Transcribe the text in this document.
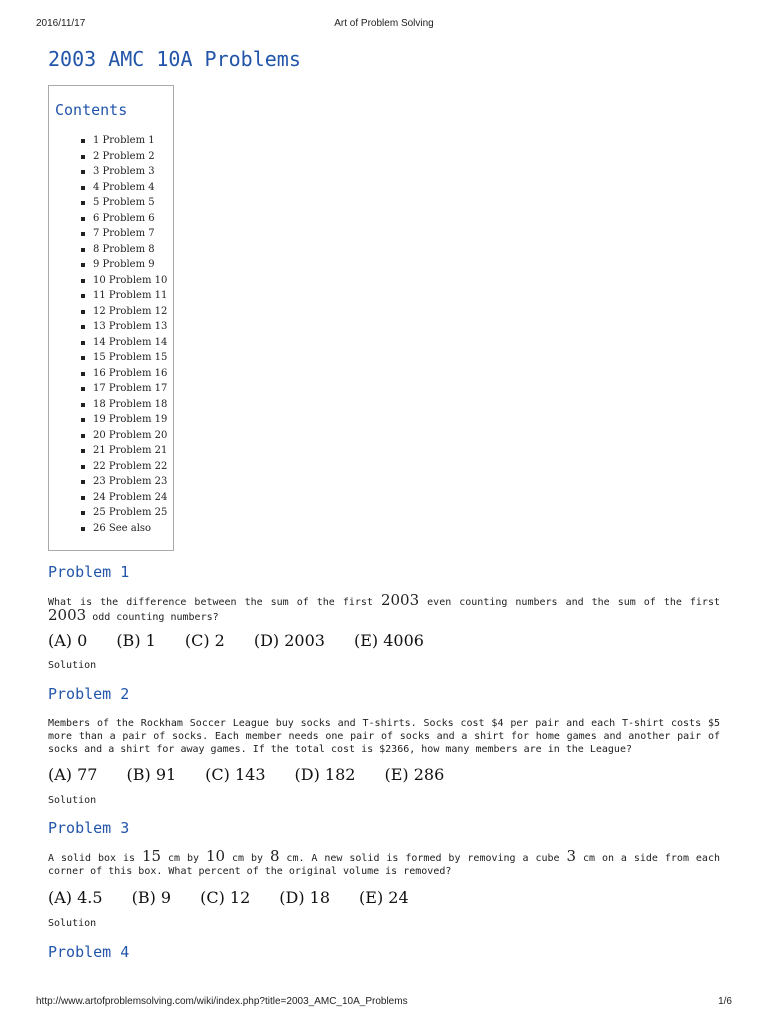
2016/11/17	Art of Problem Solving
2003 AMC 10A Problems
Contents
1 Problem 1
2 Problem 2
3 Problem 3
4 Problem 4
5 Problem 5
6 Problem 6
7 Problem 7
8 Problem 8
9 Problem 9
10 Problem 10
11 Problem 11
12 Problem 12
13 Problem 13
14 Problem 14
15 Problem 15
16 Problem 16
17 Problem 17
18 Problem 18
19 Problem 19
20 Problem 20
21 Problem 21
22 Problem 22
23 Problem 23
24 Problem 24
25 Problem 25
26 See also
Problem 1

What is the difference between the sum of the first 2003 even counting numbers and the sum of the first 2003 odd counting numbers?

(A) 0 (B) 1 (C) 2 (D) 2003 (E) 4006
Solution
Problem 2

Members of the Rockham Soccer League buy socks and T-shirts. Socks cost $4 per pair and each T-shirt costs $5 more than a pair of socks. Each member needs one pair of socks and a shirt for home games and another pair of socks and a shirt for away games. If the total cost is $2366, how many members are in the League?

(A) 77 (B) 91 (C) 143 (D) 182 (E) 286
Solution
Problem 3

A solid box is 15 cm by 10 cm by 8 cm. A new solid is formed by removing a cube 3 cm on a side from each corner of this box. What percent of the original volume is removed?

(A) 4.5 (B) 9 (C) 12 (D) 18 (E) 24
Solution
Problem 4
http://www.artofproblemsolving.com/wiki/index.php?title=2003_AMC_10A_Problems	1/6
